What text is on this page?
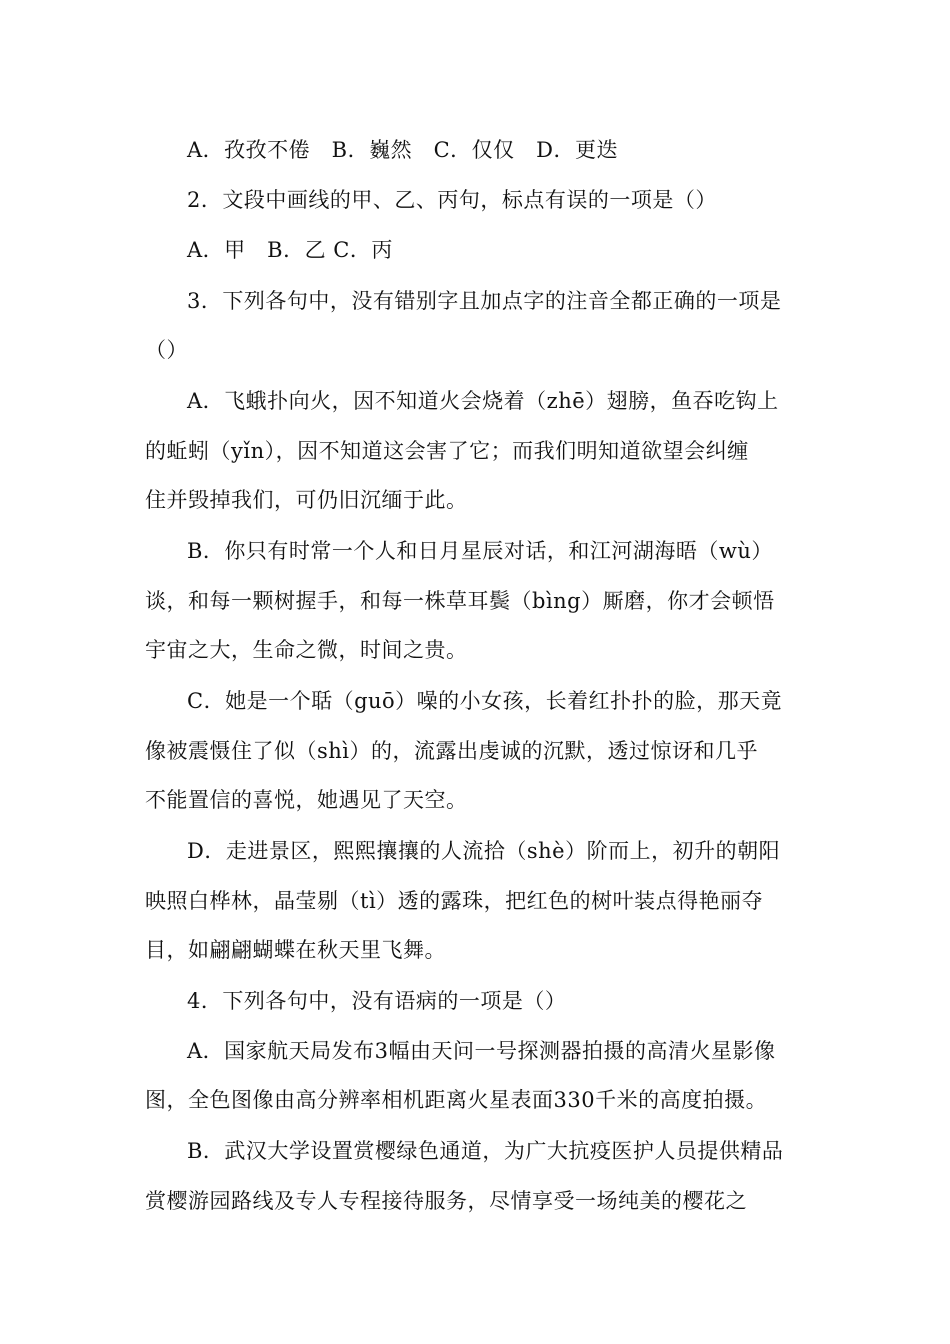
A．孜孜不倦　B．巍然　C．仅仅　D．更迭
2．文段中画线的甲、乙、丙句，标点有误的一项是（）
A．甲　B．乙 C．丙
3．下列各句中，没有错别字且加点字的注音全都正确的一项是
（）
A．飞蛾扑向火，因不知道火会烧着（zhē）翅膀，鱼吞吃钩上
的蚯蚓（yǐn），因不知道这会害了它；而我们明知道欲望会纠缠
住并毁掉我们，可仍旧沉缅于此。
B．你只有时常一个人和日月星辰对话，和江河湖海晤（wù）
谈，和每一颗树握手，和每一株草耳鬓（bìng）厮磨，你才会顿悟
宇宙之大，生命之微，时间之贵。
C．她是一个聒（guō）噪的小女孩，长着红扑扑的脸，那天竟
像被震慑住了似（shì）的，流露出虔诚的沉默，透过惊讶和几乎
不能置信的喜悦，她遇见了天空。
D．走进景区，熙熙攘攘的人流拾（shè）阶而上，初升的朝阳
映照白桦林，晶莹剔（tì）透的露珠，把红色的树叶装点得艳丽夺
目，如翩翩蝴蝶在秋天里飞舞。
4．下列各句中，没有语病的一项是（）
A．国家航天局发布3幅由天问一号探测器拍摄的高清火星影像
图，全色图像由高分辨率相机距离火星表面330千米的高度拍摄。
B．武汉大学设置赏樱绿色通道，为广大抗疫医护人员提供精品
赏樱游园路线及专人专程接待服务，尽情享受一场纯美的樱花之
